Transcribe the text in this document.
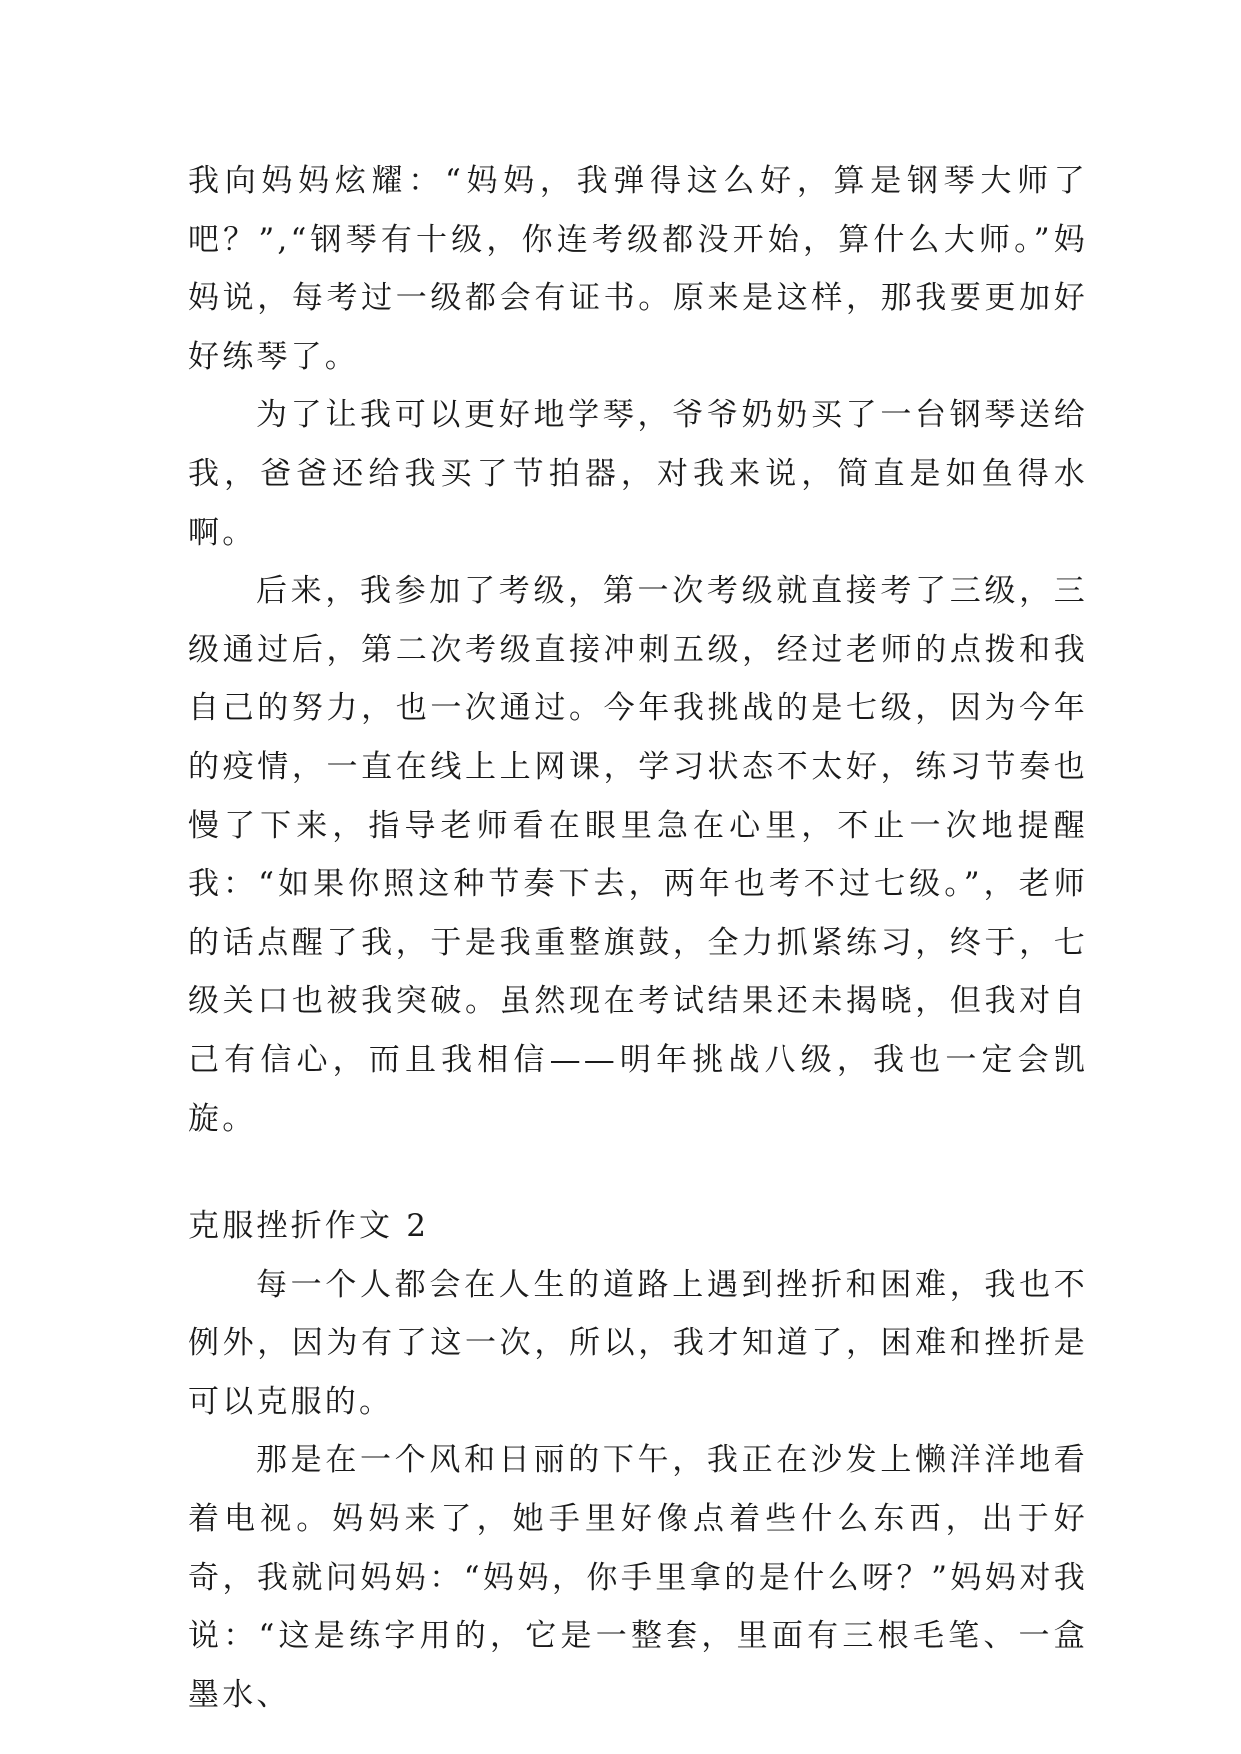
我向妈妈炫耀：“妈妈，我弹得这么好，算是钢琴大师了吧？”,“钢琴有十级，你连考级都没开始，算什么大师。”妈妈说，每考过一级都会有证书。原来是这样，那我要更加好好练琴了。

为了让我可以更好地学琴，爷爷奶奶买了一台钢琴送给我，爸爸还给我买了节拍器，对我来说，简直是如鱼得水啊。

后来，我参加了考级，第一次考级就直接考了三级，三级通过后，第二次考级直接冲刺五级，经过老师的点拨和我自己的努力，也一次通过。今年我挑战的是七级，因为今年的疫情，一直在线上上网课，学习状态不太好，练习节奏也慢了下来，指导老师看在眼里急在心里，不止一次地提醒我：“如果你照这种节奏下去，两年也考不过七级。”，老师的话点醒了我，于是我重整旗鼓，全力抓紧练习，终于，七级关口也被我突破。虽然现在考试结果还未揭晓，但我对自己有信心，而且我相信——明年挑战八级，我也一定会凯旋。

克服挫折作文 2

每一个人都会在人生的道路上遇到挫折和困难，我也不例外，因为有了这一次，所以，我才知道了，困难和挫折是可以克服的。

那是在一个风和日丽的下午，我正在沙发上懒洋洋地看着电视。妈妈来了，她手里好像点着些什么东西，出于好奇，我就问妈妈：“妈妈，你手里拿的是什么呀？”妈妈对我说：“这是练字用的，它是一整套，里面有三根毛笔、一盒墨水、
